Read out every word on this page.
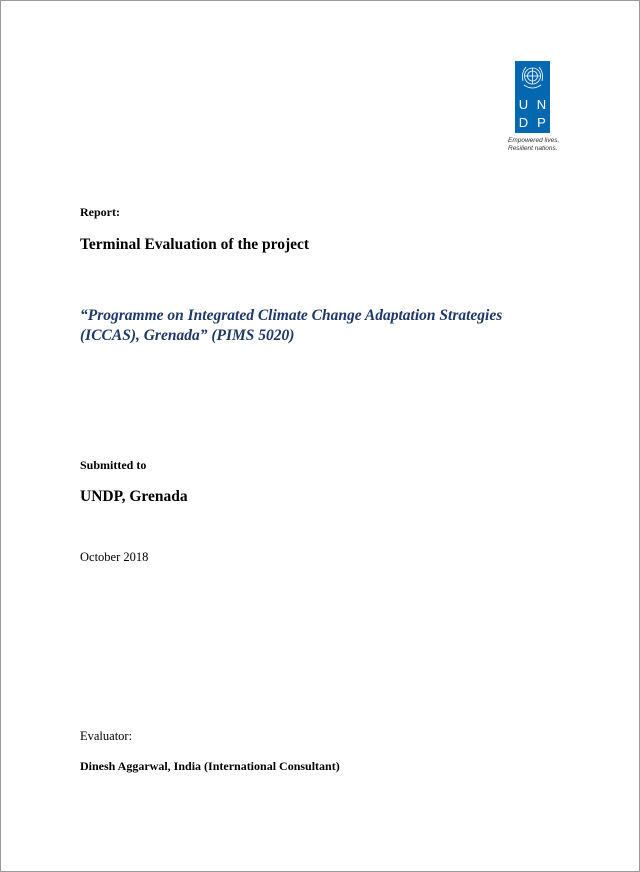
U N
D P
Empowered lives.
Resilient nations.
Report:
Terminal Evaluation of the project
“Programme on Integrated Climate Change Adaptation Strategies
(ICCAS), Grenada” (PIMS 5020)
Submitted to
UNDP, Grenada
October 2018
Evaluator:
Dinesh Aggarwal, India (International Consultant)
